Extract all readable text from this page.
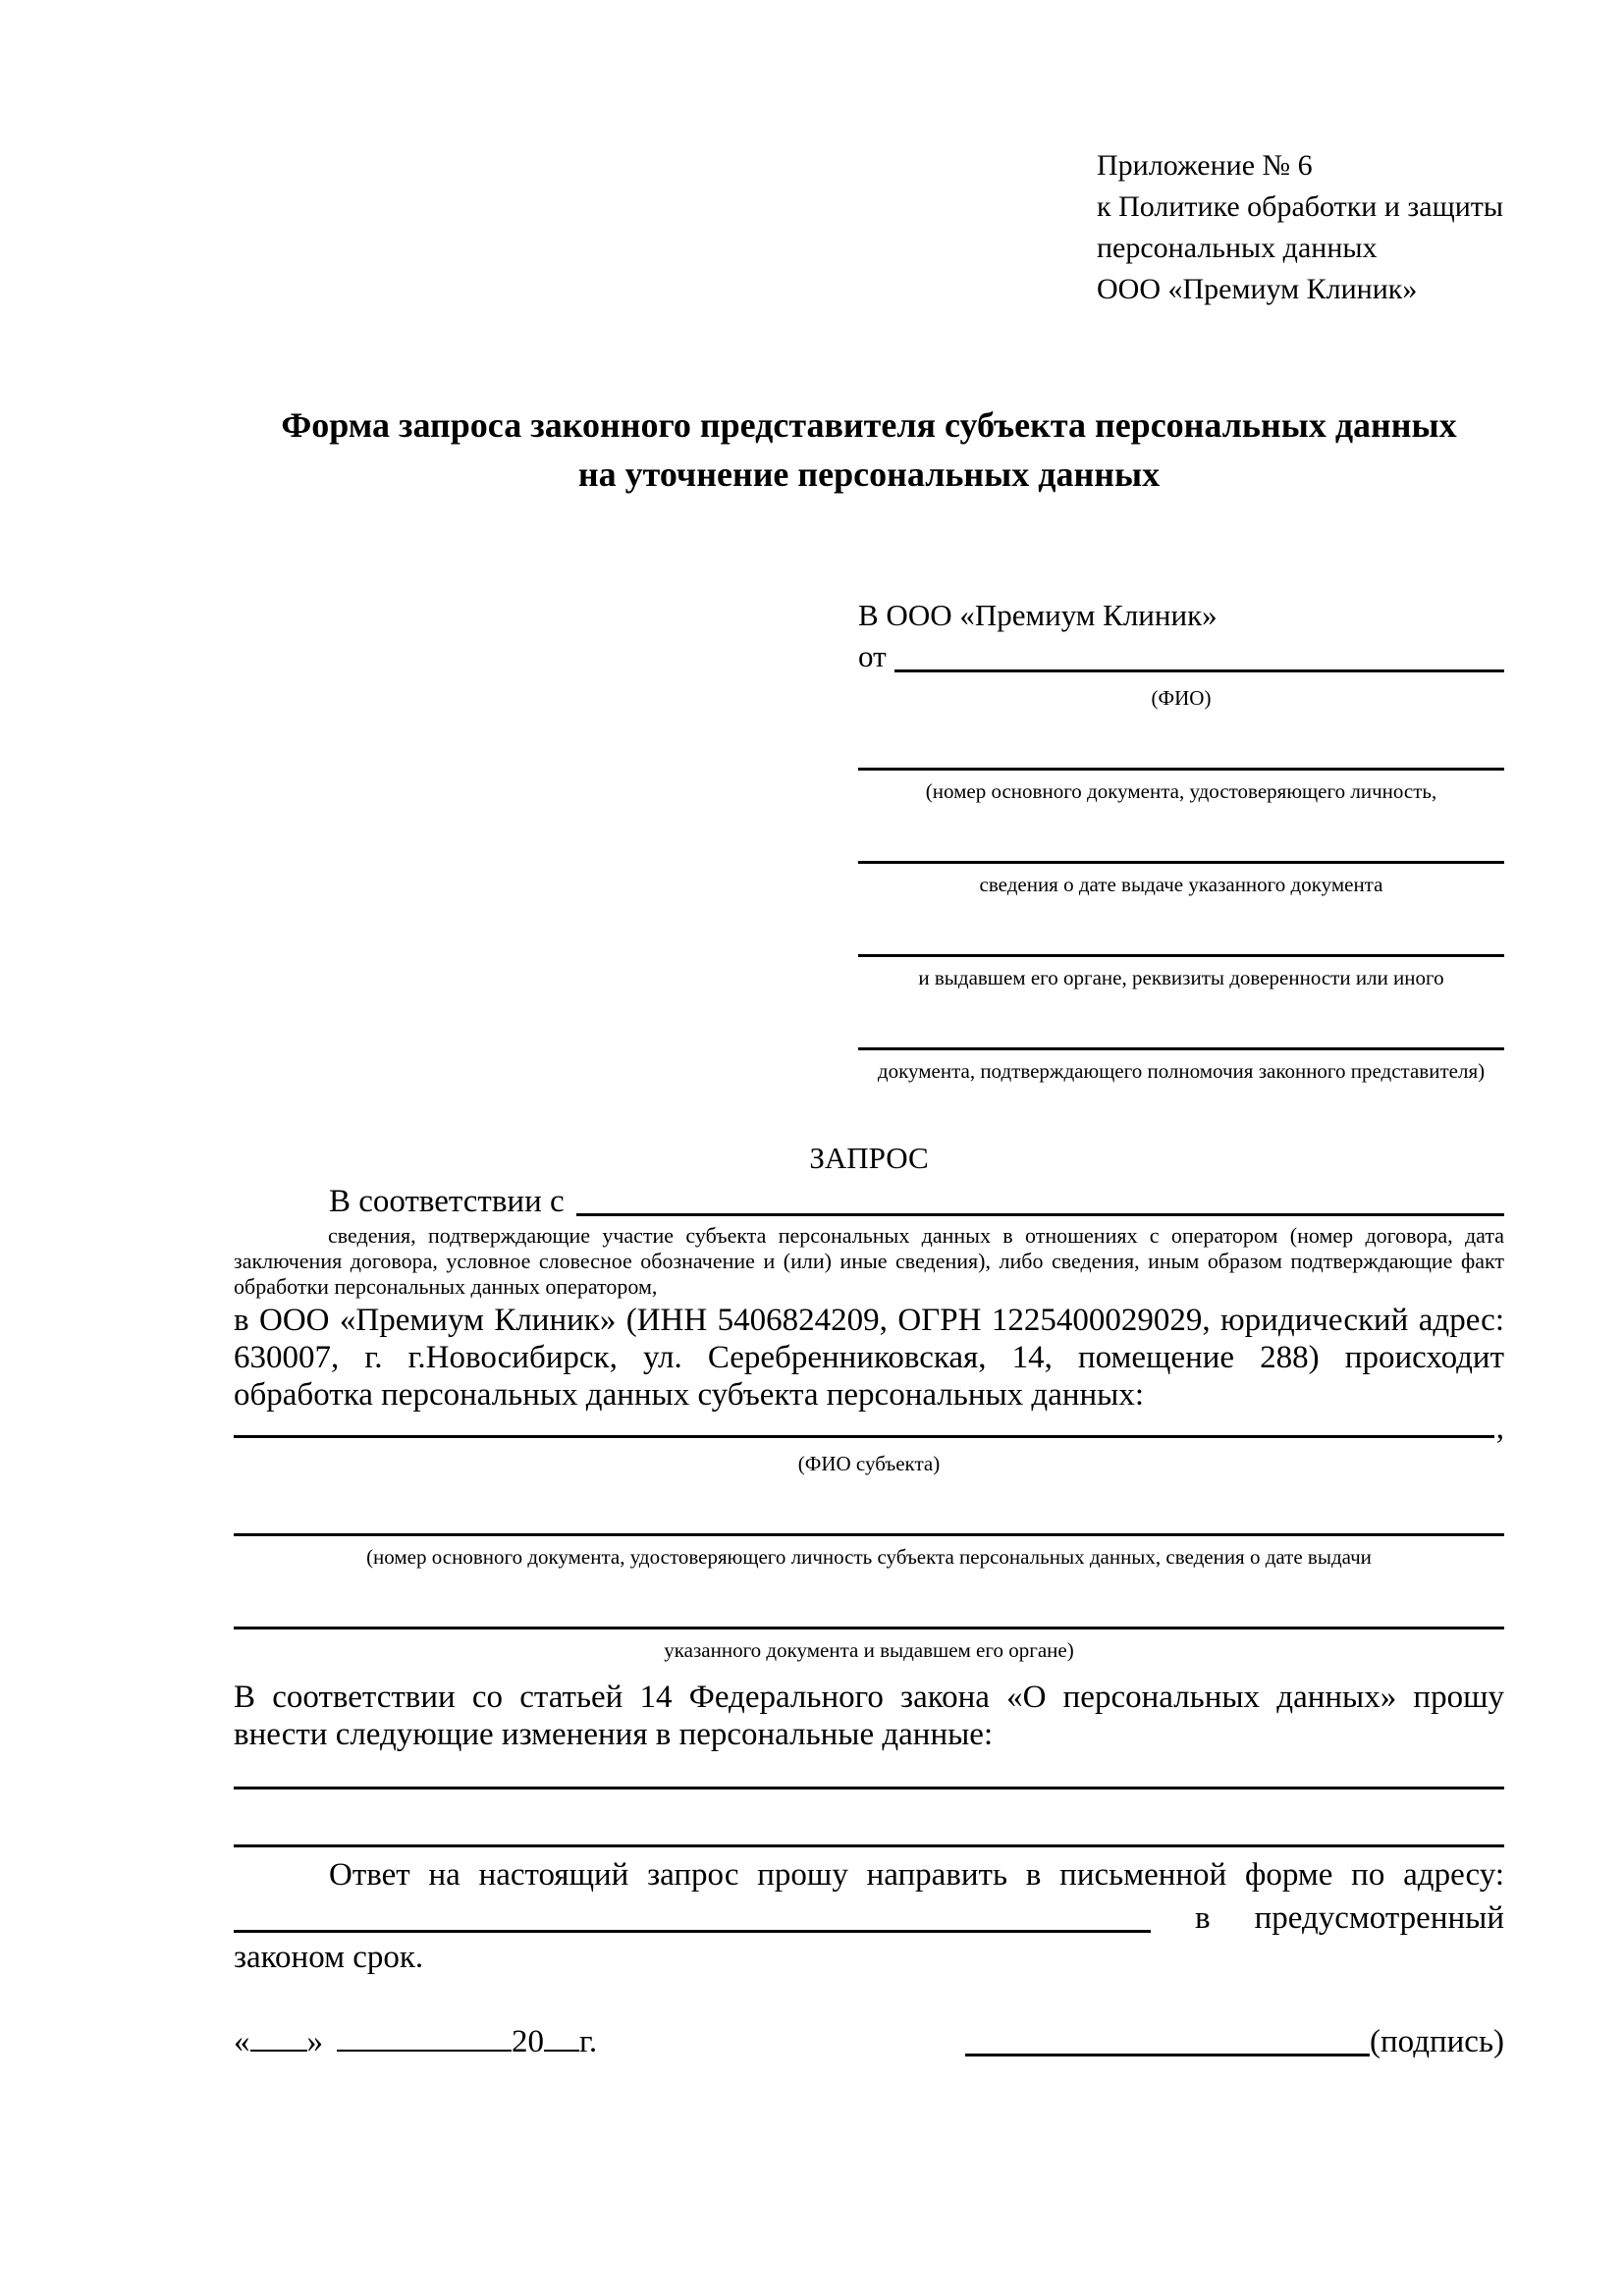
Приложение № 6
к Политике обработки и защиты
персональных данных
ООО «Премиум Клиник»
Форма запроса законного представителя субъекта персональных данных
на уточнение персональных данных
В ООО «Премиум Клиник»
от
(ФИО)
(номер основного документа, удостоверяющего личность,
сведения о дате выдаче указанного документа
и выдавшем его органе, реквизиты доверенности или иного
документа, подтверждающего полномочия законного представителя)
ЗАПРОС
В соответствии с
сведения, подтверждающие участие субъекта персональных данных в отношениях с оператором (номер договора, дата
заключения договора, условное словесное обозначение и (или) иные сведения), либо сведения, иным образом подтверждающие факт
обработки персональных данных оператором,
в ООО «Премиум Клиник» (ИНН 5406824209, ОГРН 1225400029029, юридический адрес:
630007, г. г.Новосибирск, ул. Серебренниковская, 14, помещение 288) происходит
обработка персональных данных субъекта персональных данных:
,
(ФИО субъекта)
(номер основного документа, удостоверяющего личность субъекта персональных данных, сведения о дате выдачи
указанного документа и выдавшем его органе)
В соответствии со статьей 14 Федерального закона «О персональных данных» прошу
внести следующие изменения в персональные данные:
Ответ на настоящий запрос прошу направить в письменной форме по адресу:
в предусмотренный
законом срок.
« »	20 г.	(подпись)
